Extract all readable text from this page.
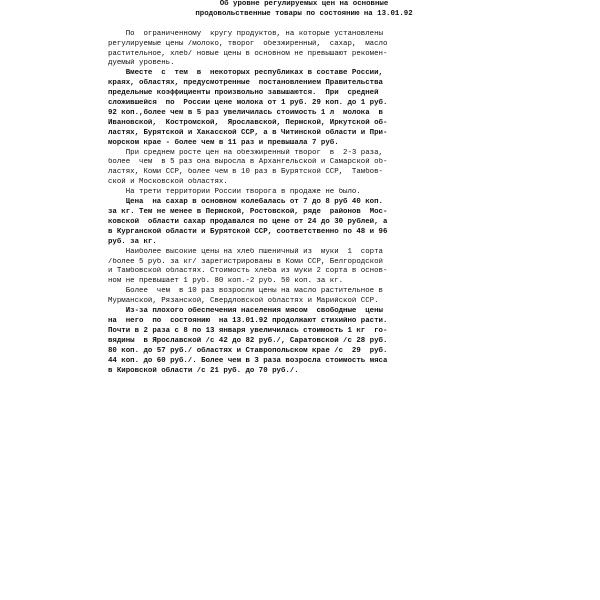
Об уровне регулируемых цен на основные
продовольственные товары по состоянию на 13.01.92
По  ограниченному  кругу продуктов, на которые установлены
регулируемые цены /молоко, творог  обезжиренный,  сахар,  масло
растительное, хлеб/ новые цены в основном не превышают рекомен-
дуемый уровень.
Вместе  с  тем  в  некоторых республиках в составе России,
краях, областях, предусмотренные  постановлением Правительства
предельные коэффициенты произвольно завышаются.  При  средней
сложившейся  по  России цене молока от 1 руб. 29 коп. до 1 руб.
92 коп.,более чем в 5 раз увеличилась стоимость 1 л  молока  в
Ивановской,  Костромской,  Ярославской, Пермской, Иркутской об-
ластях, Бурятской и Хакасской ССР, а в Читинской области и При-
морском крае - более чем в 11 раз и превышала 7 руб.
При среднем росте цен на обезжиренный творог  в  2-3 раза,
более  чем  в 5 раз она выросла в Архангельской и Самарской об-
ластях, Коми ССР, более чем в 10 раз в Бурятской ССР,  Тамбов-
ской и Московской областях.
На трети территории России творога в продаже не было.
Цена  на сахар в основном колебалась от 7 до 8 руб 40 коп.
за кг. Тем не менее в Пермской, Ростовской, ряде  районов  Мос-
ковской  области сахар продавался по цене от 24 до 30 рублей, а
в Курганской области и Бурятской ССР, соответственно по 48 и 96
руб. за кг.
Наиболее высокие цены на хлеб пшеничный из  муки  1  сорта
/более 5 руб. за кг/ зарегистрированы в Коми ССР, Белгородской
и Тамбовской областях. Стоимость хлеба из муки 2 сорта в основ-
ном не превышает 1 руб. 80 коп.-2 руб. 50 коп. за кг.
Более  чем  в 10 раз возросли цены на масло растительное в
Мурманской, Рязанской, Свердловской областях и Марийской ССР.
Из-за плохого обеспечения населения мясом  свободные  цены
на  него  по  состоянию  на 13.01.92 продолжают стихийно расти.
Почти в 2 раза с 8 по 13 января увеличилась стоимость 1 кг  го-
вядины  в Ярославской /с 42 до 82 руб./, Саратовской /с 28 руб.
80 коп. до 57 руб./ областях и Ставропольском крае /с  29  руб.
44 коп. до 60 руб./. Более чем в 3 раза возросла стоимость мяса
в Кировской области /с 21 руб. до 70 руб./.
